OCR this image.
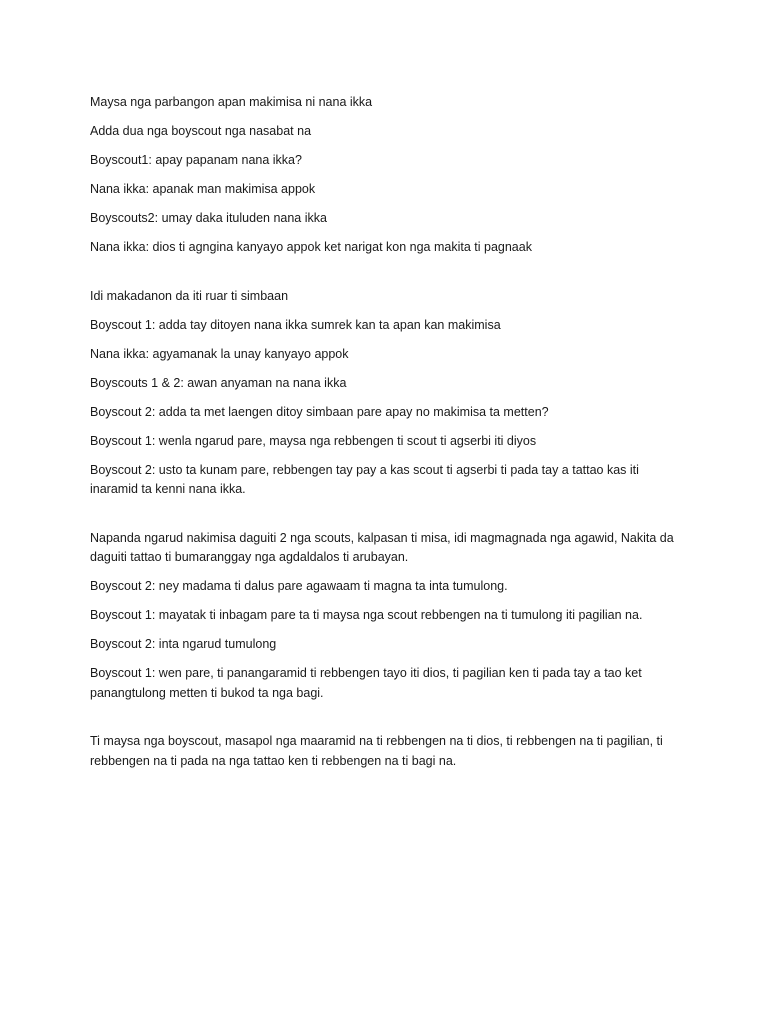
Maysa nga parbangon apan makimisa ni nana ikka

Adda dua nga boyscout nga nasabat na

Boyscout1: apay papanam nana ikka?

Nana ikka: apanak man makimisa appok

Boyscouts2: umay daka ituluden nana ikka

Nana ikka: dios ti agngina kanyayo appok ket narigat kon nga makita ti pagnaak

Idi makadanon da iti ruar ti simbaan

Boyscout 1: adda tay ditoyen nana ikka sumrek kan ta apan kan makimisa

Nana ikka: agyamanak la unay kanyayo appok

Boyscouts 1 & 2: awan anyaman na nana ikka

Boyscout 2: adda ta met laengen ditoy simbaan pare apay no makimisa ta metten?

Boyscout 1: wenla ngarud pare, maysa nga rebbengen ti scout ti agserbi iti diyos

Boyscout 2: usto ta kunam pare, rebbengen tay pay a kas scout ti agserbi ti pada tay a tattao kas iti inaramid ta kenni nana ikka.

Napanda ngarud nakimisa daguiti 2 nga scouts, kalpasan ti misa, idi magmagnada nga agawid, Nakita da daguiti tattao ti bumaranggay nga agdaldalos ti arubayan.

Boyscout 2: ney madama ti dalus pare agawaam ti magna ta inta tumulong.

Boyscout 1: mayatak ti inbagam pare ta ti maysa nga scout rebbengen na ti tumulong iti pagilian na.

Boyscout 2: inta ngarud tumulong

Boyscout 1: wen pare, ti panangaramid ti rebbengen tayo iti dios, ti pagilian ken ti pada tay a tao ket panangtulong metten ti bukod ta nga bagi.

Ti maysa nga boyscout, masapol nga maaramid na ti rebbengen na ti dios, ti rebbengen na ti pagilian, ti rebbengen na ti pada na nga tattao ken ti rebbengen na ti bagi na.
